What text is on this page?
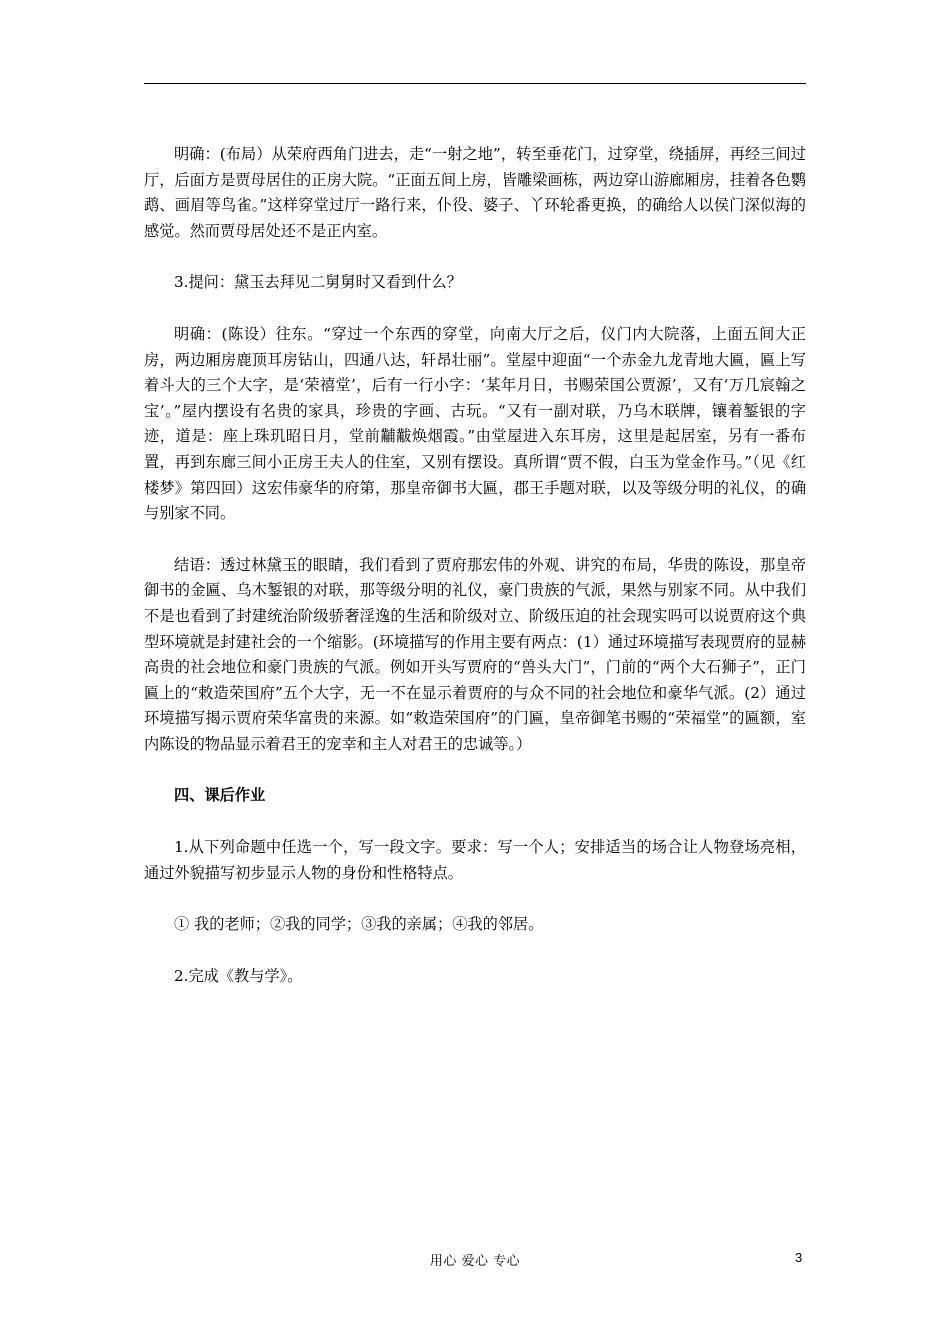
明确：(布局）从荣府西角门进去，走“一射之地”，转至垂花门，过穿堂，绕插屏，再经三间过厅，后面方是贾母居住的正房大院。“正面五间上房，皆雕梁画栋，两边穿山游廊厢房，挂着各色鹦鹉、画眉等鸟雀。”这样穿堂过厅一路行来，仆役、婆子、丫环轮番更换，的确给人以侯门深似海的感觉。然而贾母居处还不是正内室。

3.提问：黛玉去拜见二舅舅时又看到什么？

明确：(陈设）往东。“穿过一个东西的穿堂，向南大厅之后，仪门内大院落，上面五间大正房，两边厢房鹿顶耳房钻山，四通八达，轩昂壮丽”。堂屋中迎面“一个赤金九龙青地大匾，匾上写着斗大的三个大字，是‘荣禧堂’，后有一行小字：‘某年月日，书赐荣国公贾源’，又有‘万几宸翰之宝’。”屋内摆设有名贵的家具，珍贵的字画、古玩。“又有一副对联，乃乌木联牌，镶着錾银的字迹，道是：座上珠玑昭日月，堂前黼黻焕烟霞。”由堂屋进入东耳房，这里是起居室，另有一番布置，再到东廊三间小正房王夫人的住室，又别有摆设。真所谓“贾不假，白玉为堂金作马。”（见《红楼梦》第四回）这宏伟豪华的府第，那皇帝御书大匾，郡王手题对联，以及等级分明的礼仪，的确与别家不同。

结语：透过林黛玉的眼睛，我们看到了贾府那宏伟的外观、讲究的布局，华贵的陈设，那皇帝御书的金匾、乌木錾银的对联，那等级分明的礼仪，豪门贵族的气派，果然与别家不同。从中我们不是也看到了封建统治阶级骄奢淫逸的生活和阶级对立、阶级压迫的社会现实吗可以说贾府这个典型环境就是封建社会的一个缩影。(环境描写的作用主要有两点：(1）通过环境描写表现贾府的显赫高贵的社会地位和豪门贵族的气派。例如开头写贾府的“兽头大门”，门前的“两个大石狮子”，正门匾上的“敕造荣国府”五个大字，无一不在显示着贾府的与众不同的社会地位和豪华气派。(2）通过环境描写揭示贾府荣华富贵的来源。如“敕造荣国府”的门匾，皇帝御笔书赐的“荣福堂”的匾额，室内陈设的物品显示着君王的宠幸和主人对君王的忠诚等。）

四、课后作业

1.从下列命题中任选一个，写一段文字。要求：写一个人；安排适当的场合让人物登场亮相，通过外貌描写初步显示人物的身份和性格特点。

① 我的老师；②我的同学；③我的亲属；④我的邻居。

2.完成《教与学》。

用心 爱心 专心	3
